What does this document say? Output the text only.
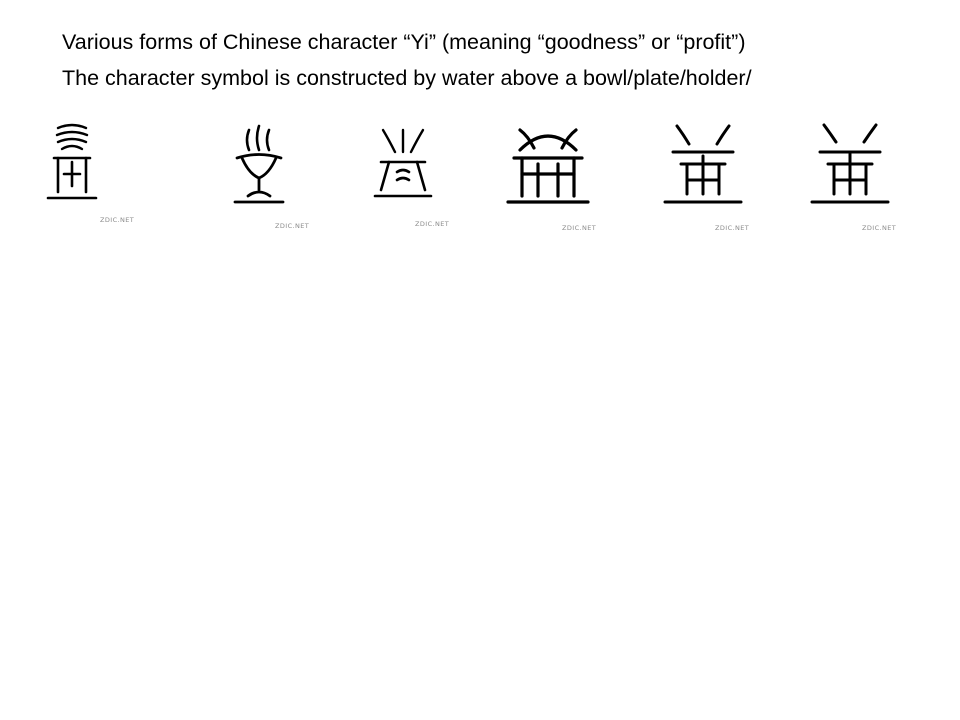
Various forms of Chinese character “Yi” (meaning “goodness” or “profit”)
The character symbol is constructed by water above a bowl/plate/holder/
ZDIC.NET
ZDIC.NET	ZDIC.NET	ZDIC.NET	ZDIC.NET	ZDIC.NET
